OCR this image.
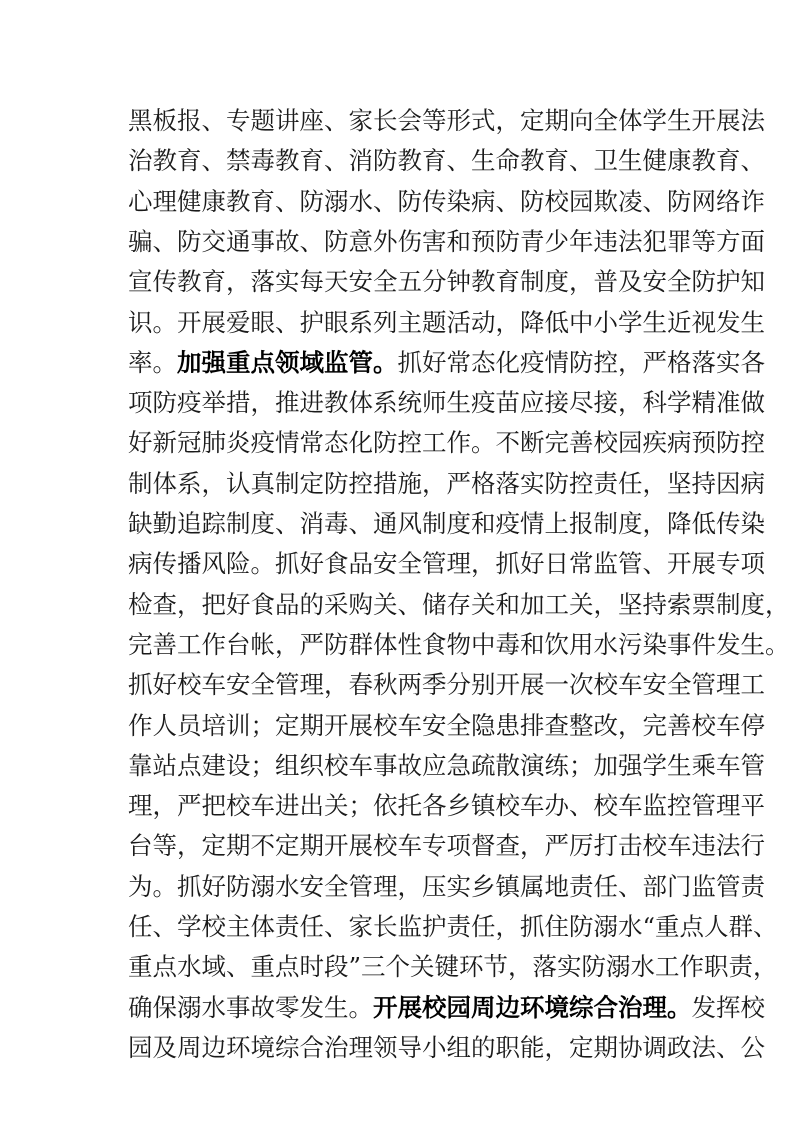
黑板报、专题讲座、家长会等形式，定期向全体学生开展法
治教育、禁毒教育、消防教育、生命教育、卫生健康教育、
心理健康教育、防溺水、防传染病、防校园欺凌、防网络诈
骗、防交通事故、防意外伤害和预防青少年违法犯罪等方面
宣传教育，落实每天安全五分钟教育制度，普及安全防护知
识。开展爱眼、护眼系列主题活动，降低中小学生近视发生
率。加强重点领域监管。抓好常态化疫情防控，严格落实各
项防疫举措，推进教体系统师生疫苗应接尽接，科学精准做
好新冠肺炎疫情常态化防控工作。不断完善校园疾病预防控
制体系，认真制定防控措施，严格落实防控责任，坚持因病
缺勤追踪制度、消毒、通风制度和疫情上报制度，降低传染
病传播风险。抓好食品安全管理，抓好日常监管、开展专项
检查，把好食品的采购关、储存关和加工关，坚持索票制度，
完善工作台帐，严防群体性食物中毒和饮用水污染事件发生。
抓好校车安全管理，春秋两季分别开展一次校车安全管理工
作人员培训；定期开展校车安全隐患排查整改，完善校车停
靠站点建设；组织校车事故应急疏散演练；加强学生乘车管
理，严把校车进出关；依托各乡镇校车办、校车监控管理平
台等，定期不定期开展校车专项督查，严厉打击校车违法行
为。抓好防溺水安全管理，压实乡镇属地责任、部门监管责
任、学校主体责任、家长监护责任，抓住防溺水“重点人群、
重点水域、重点时段”三个关键环节，落实防溺水工作职责，
确保溺水事故零发生。开展校园周边环境综合治理。发挥校
园及周边环境综合治理领导小组的职能，定期协调政法、公
